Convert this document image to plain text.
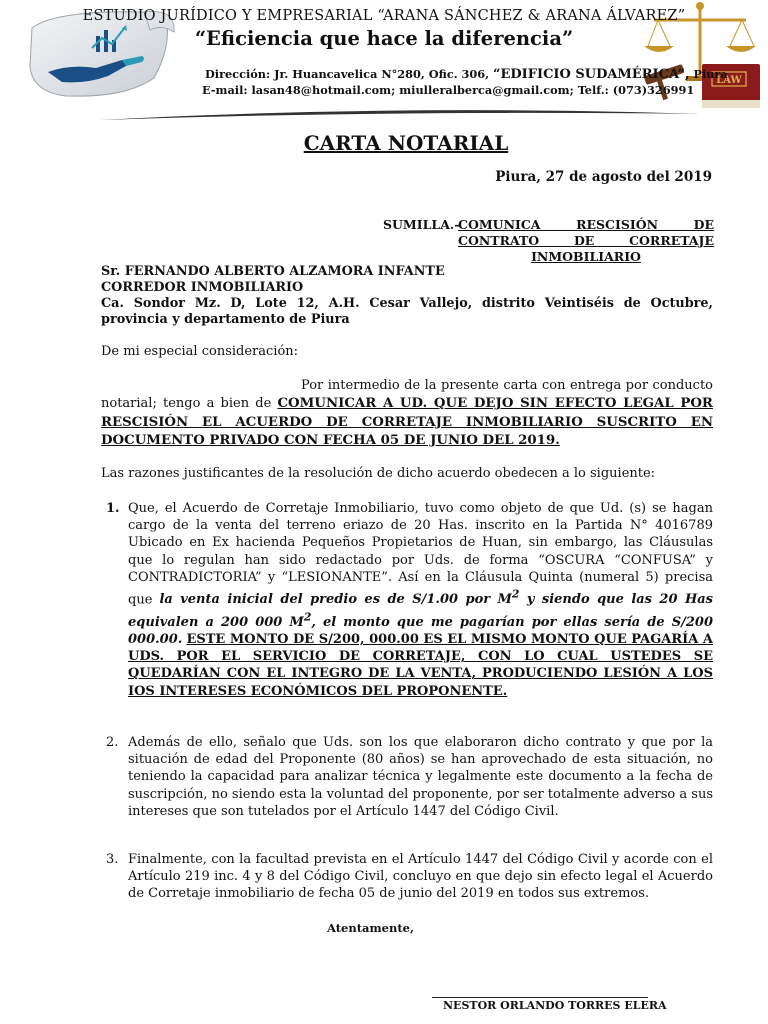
LAW
ESTUDIO JURÍDICO Y EMPRESARIAL “ARANA SÁNCHEZ & ARANA ÁLVAREZ”
“Eficiencia que hace la diferencia”
Dirección: Jr. Huancavelica N°280, Ofic. 306, “EDIFICIO SUDAMÉRICA”, Piura
E-mail: lasan48@hotmail.com; miulleralberca@gmail.com; Telf.: (073)326991
CARTA NOTARIAL
Piura, 27 de agosto del 2019
SUMILLA.-
COMUNICA RESCISIÓN DE CONTRATO DE CORRETAJE INMOBILIARIO
Sr. FERNANDO ALBERTO ALZAMORA INFANTE
CORREDOR INMOBILIARIO
Ca. Sondor Mz. D, Lote 12, A.H. Cesar Vallejo, distrito Veintiséis de Octubre, provincia y departamento de Piura
De mi especial consideración:
Por intermedio de la presente carta con entrega por conducto notarial; tengo a bien de COMUNICAR A UD. QUE DEJO SIN EFECTO LEGAL POR RESCISIÓN EL ACUERDO DE CORRETAJE INMOBILIARIO SUSCRITO EN DOCUMENTO PRIVADO CON FECHA 05 DE JUNIO DEL 2019.
Las razones justificantes de la resolución de dicho acuerdo obedecen a lo siguiente:
1. Que, el Acuerdo de Corretaje Inmobiliario, tuvo como objeto de que Ud. (s) se hagan cargo de la venta del terreno eriazo de 20 Has. inscrito en la Partida N° 4016789 Ubicado en Ex hacienda Pequeños Propietarios de Huan, sin embargo, las Cláusulas que lo regulan han sido redactado por Uds. de forma “OSCURA “CONFUSA” y CONTRADICTORIA” y “LESIONANTE”. Así en la Cláusula Quinta (numeral 5) precisa que la venta inicial del predio es de S/1.00 por $M^2$ y siendo que las 20 Has equivalen a 200 000 $M^2$, el monto que me pagarían por ellas sería de S/200 000.00. ESTE MONTO DE S/200, 000.00 ES EL MISMO MONTO QUE PAGARÍA A UDS. POR EL SERVICIO DE CORRETAJE, CON LO CUAL USTEDES SE QUEDARÍAN CON EL INTEGRO DE LA VENTA, PRODUCIENDO LESIÓN A LOS IOS INTERESES ECONÓMICOS DEL PROPONENTE.
2. Además de ello, señalo que Uds. son los que elaboraron dicho contrato y que por la situación de edad del Proponente (80 años) se han aprovechado de esta situación, no teniendo la capacidad para analizar técnica y legalmente este documento a la fecha de suscripción, no siendo esta la voluntad del proponente, por ser totalmente adverso a sus intereses que son tutelados por el Artículo 1447 del Código Civil.
3. Finalmente, con la facultad prevista en el Artículo 1447 del Código Civil y acorde con el Artículo 219 inc. 4 y 8 del Código Civil, concluyo en que dejo sin efecto legal el Acuerdo de Corretaje inmobiliario de fecha 05 de junio del 2019 en todos sus extremos.
Atentamente,
NESTOR ORLANDO TORRES ELERA
